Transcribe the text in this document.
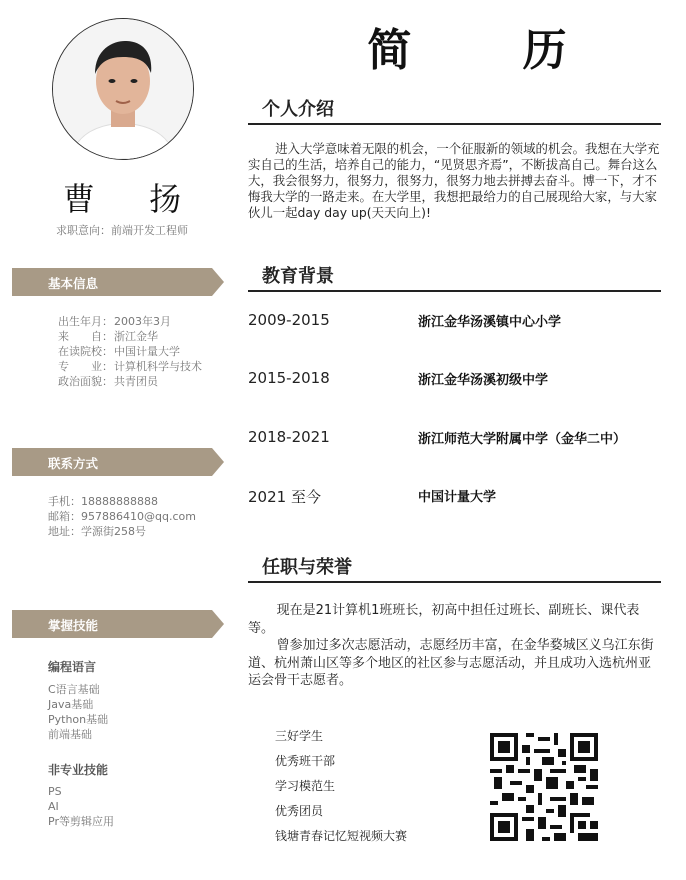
曹 扬
求职意向：前端开发工程师
基本信息
出生年月：2003年3月
来　　自：浙江金华
在读院校：中国计量大学
专　　业：计算机科学与技术
政治面貌：共青团员
联系方式
手机：18888888888
邮箱：957886410@qq.com
地址：学源街258号
掌握技能
编程语言
C语言基础
Java基础
Python基础
前端基础
非专业技能
PS
AI
Pr等剪辑应用
简 历
个人介绍

进入大学意味着无限的机会，一个征服新的领域的机会。我想在大学充实自己的生活，培养自己的能力，“见贤思齐焉”，不断拔高自己。舞台这么大，我会很努力，很努力，很努力，很努力地去拼搏去奋斗。博一下，才不悔我大学的一路走来。在大学里，我想把最给力的自己展现给大家，与大家伙儿一起day day up(天天向上)!

教育背景
2009-2015	浙江金华汤溪镇中心小学
2015-2018	浙江金华汤溪初级中学
2018-2021	浙江师范大学附属中学（金华二中）
2021 至今	中国计量大学
任职与荣誉

现在是21计算机1班班长，初高中担任过班长、副班长、课代表等。

曾参加过多次志愿活动，志愿经历丰富，在金华婺城区义乌江东街道、杭州萧山区等多个地区的社区参与志愿活动，并且成功入选杭州亚运会骨干志愿者。

三好学生
优秀班干部
学习模范生
优秀团员
钱塘青春记忆短视频大赛
